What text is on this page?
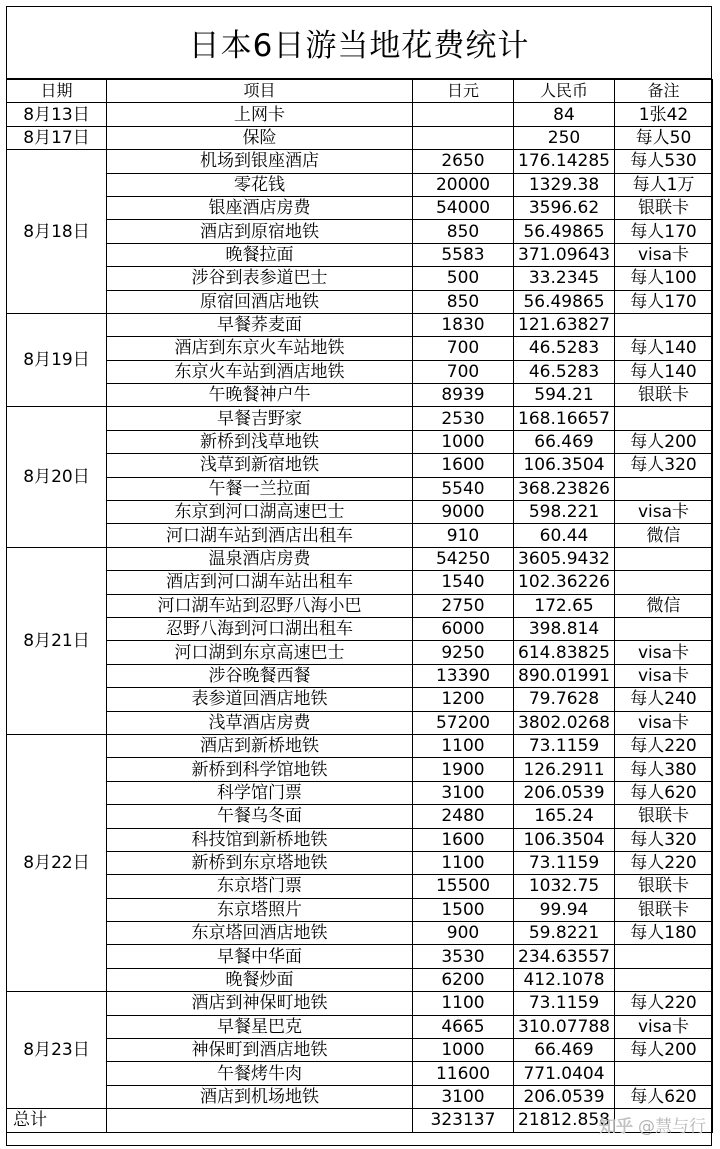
日本6日游当地花费统计
日期	项目	日元	人民币	备注
8月13日	上网卡		84	1张42
8月17日	保险		250	每人50
8月18日	机场到银座酒店	2650	176.14285	每人530
	零花钱	20000	1329.38	每人1万
	银座酒店房费	54000	3596.62	银联卡
	酒店到原宿地铁	850	56.49865	每人170
	晚餐拉面	5583	371.09643	visa卡
	涉谷到表参道巴士	500	33.2345	每人100
	原宿回酒店地铁	850	56.49865	每人170
8月19日	早餐荞麦面	1830	121.63827	
	酒店到东京火车站地铁	700	46.5283	每人140
	东京火车站到酒店地铁	700	46.5283	每人140
	午晚餐神户牛	8939	594.21	银联卡
8月20日	早餐吉野家	2530	168.16657	
	新桥到浅草地铁	1000	66.469	每人200
	浅草到新宿地铁	1600	106.3504	每人320
	午餐一兰拉面	5540	368.23826	
	东京到河口湖高速巴士	9000	598.221	visa卡
	河口湖车站到酒店出租车	910	60.44	微信
8月21日	温泉酒店房费	54250	3605.9432	
	酒店到河口湖车站出租车	1540	102.36226	
	河口湖车站到忍野八海小巴	2750	172.65	微信
	忍野八海到河口湖出租车	6000	398.814	
	河口湖到东京高速巴士	9250	614.83825	visa卡
	涉谷晚餐西餐	13390	890.01991	visa卡
	表参道回酒店地铁	1200	79.7628	每人240
	浅草酒店房费	57200	3802.0268	visa卡
8月22日	酒店到新桥地铁	1100	73.1159	每人220
	新桥到科学馆地铁	1900	126.2911	每人380
	科学馆门票	3100	206.0539	每人620
	午餐乌冬面	2480	165.24	银联卡
	科技馆到新桥地铁	1600	106.3504	每人320
	新桥到东京塔地铁	1100	73.1159	每人220
	东京塔门票	15500	1032.75	银联卡
	东京塔照片	1500	99.94	银联卡
	东京塔回酒店地铁	900	59.8221	每人180
	早餐中华面	3530	234.63557	
	晚餐炒面	6200	412.1078	
8月23日	酒店到神保町地铁	1100	73.1159	每人220
	早餐星巴克	4665	310.07788	visa卡
	神保町到酒店地铁	1000	66.469	每人200
	午餐烤牛肉	11600	771.0404	
	酒店到机场地铁	3100	206.0539	每人620
总计		323137	21812.858	
知乎 @慧与行
